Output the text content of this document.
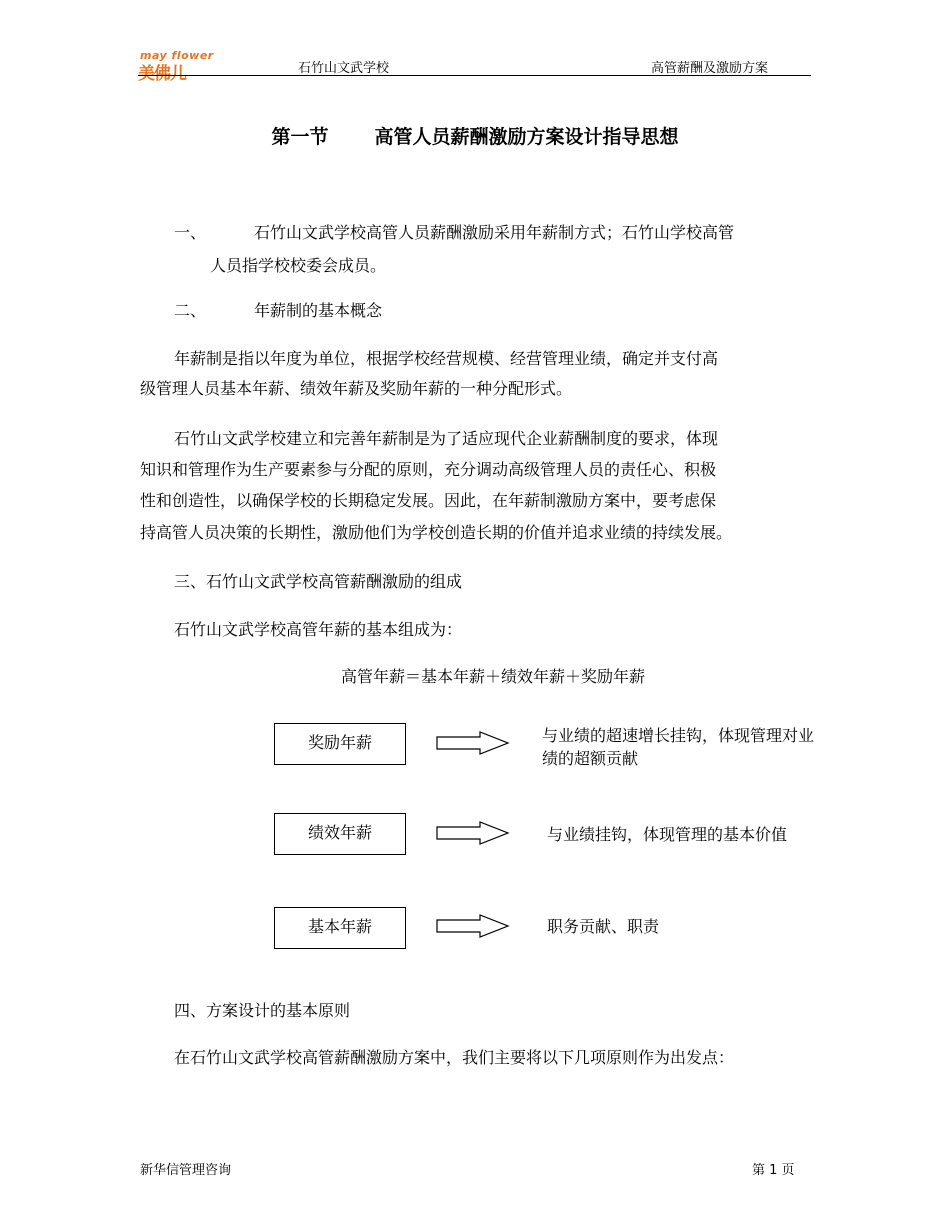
may flower
美佛儿	石竹山文武学校	高管薪酬及激励方案
第一节 高管人员薪酬激励方案设计指导思想
一、	石竹山文武学校高管人员薪酬激励采用年薪制方式；石竹山学校高管
人员指学校校委会成员。
二、	年薪制的基本概念
年薪制是指以年度为单位，根据学校经营规模、经营管理业绩，确定并支付高
级管理人员基本年薪、绩效年薪及奖励年薪的一种分配形式。
石竹山文武学校建立和完善年薪制是为了适应现代企业薪酬制度的要求，体现
知识和管理作为生产要素参与分配的原则，充分调动高级管理人员的责任心、积极
性和创造性，以确保学校的长期稳定发展。因此，在年薪制激励方案中，要考虑保
持高管人员决策的长期性，激励他们为学校创造长期的价值并追求业绩的持续发展。
三、石竹山文武学校高管薪酬激励的组成
石竹山文武学校高管年薪的基本组成为：
高管年薪＝基本年薪＋绩效年薪＋奖励年薪
奖励年薪	与业绩的超速增长挂钩，体现管理对业
绩的超额贡献
绩效年薪	与业绩挂钩，体现管理的基本价值
基本年薪	职务贡献、职责
四、方案设计的基本原则
在石竹山文武学校高管薪酬激励方案中，我们主要将以下几项原则作为出发点：
新华信管理咨询	第 1 页
